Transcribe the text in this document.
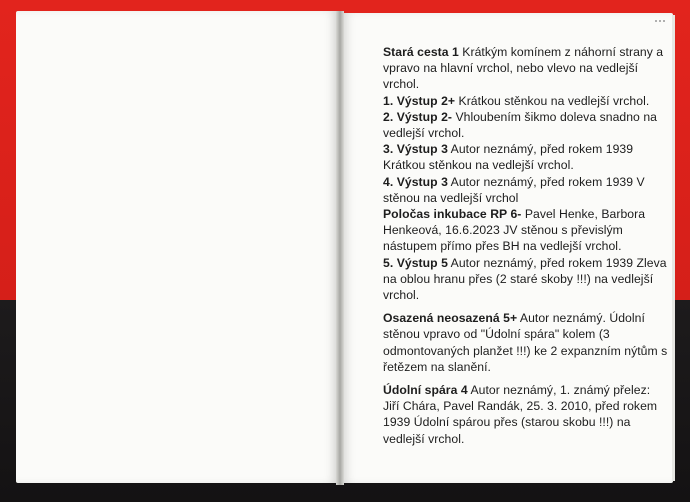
Stará cesta 1 Krátkým komínem z náhorní strany a vpravo na hlavní vrchol, nebo vlevo na vedlejší vrchol.

1. Výstup 2+ Krátkou stěnkou na vedlejší vrchol.

2. Výstup 2- Vhloubením šikmo doleva snadno na vedlejší vrchol.

3. Výstup 3 Autor neznámý, před rokem 1939 Krátkou stěnkou na vedlejší vrchol.

4. Výstup 3 Autor neznámý, před rokem 1939 V stěnou na vedlejší vrchol

Poločas inkubace RP 6- Pavel Henke, Barbora Henkeová, 16.6.2023 JV stěnou s převislým nástupem přímo přes BH na vedlejší vrchol.

5. Výstup 5 Autor neznámý, před rokem 1939 Zleva na oblou hranu přes (2 staré skoby !!!) na vedlejší vrchol.

Osazená neosazená 5+ Autor neznámý. Údolní stěnou vpravo od "Údolní spára" kolem (3 odmontovaných planžet !!!) ke 2 expanzním nýtům s řetězem na slanění.

Údolní spára 4 Autor neznámý, 1. známý přelez: Jiří Chára, Pavel Randák, 25. 3. 2010, před rokem 1939 Údolní spárou přes (starou skobu !!!) na vedlejší vrchol.
